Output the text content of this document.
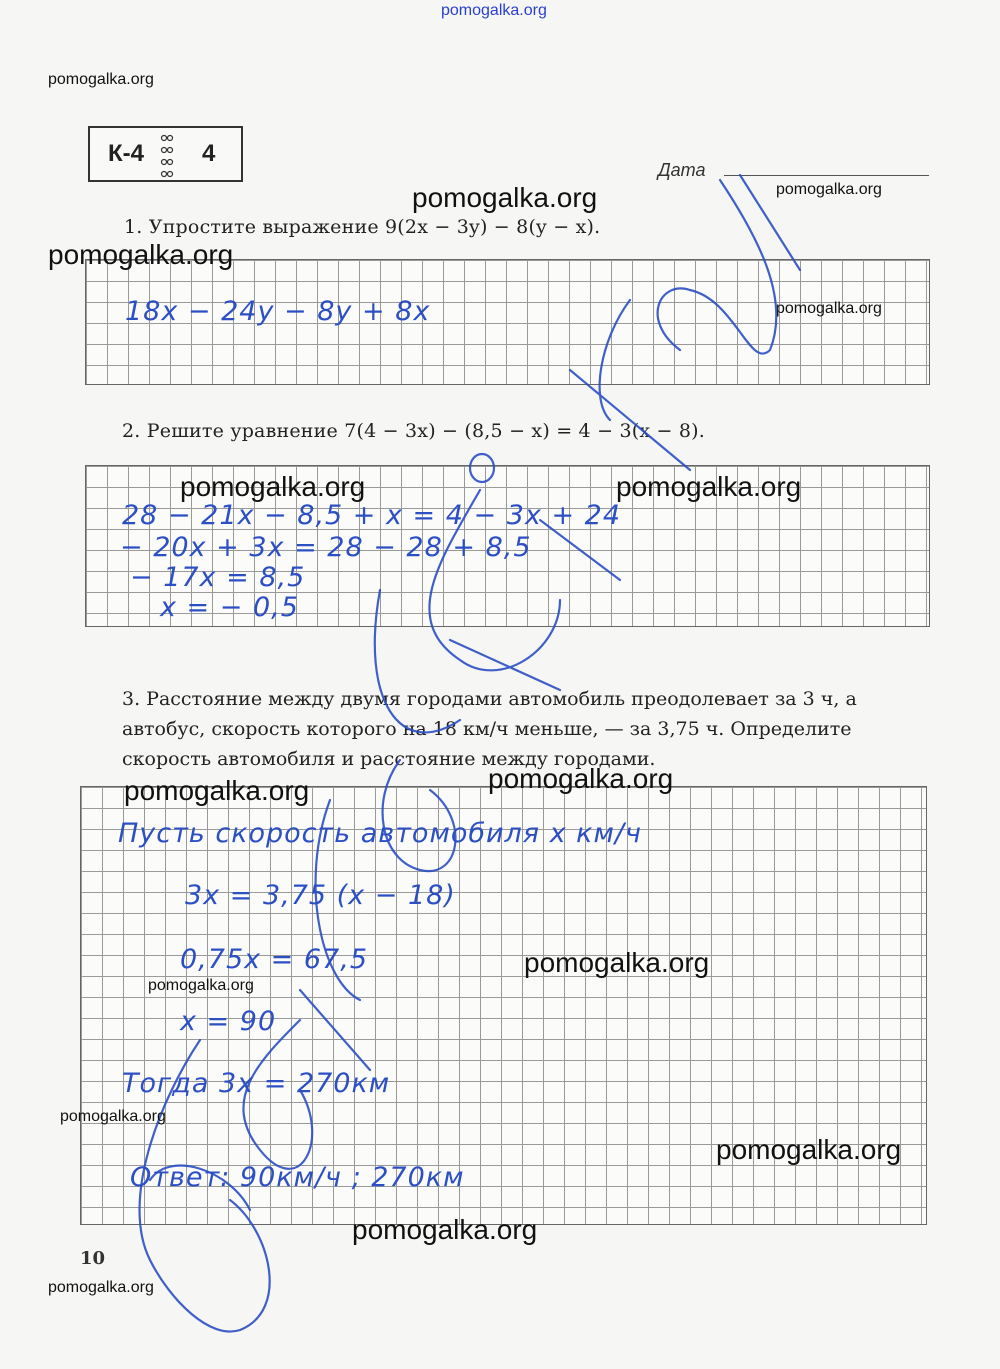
pomogalka.org
К-4 4
Дата
1. Упростите выражение 9(2x − 3y) − 8(y − x).
18x − 24y − 8y + 8x
2. Решите уравнение 7(4 − 3x) − (8,5 − x) = 4 − 3(x − 8).
28 − 21x − 8,5 + x = 4 − 3x + 24
− 20x + 3x = 28 − 28 + 8,5
− 17x = 8,5
x = − 0,5
3. Расстояние между двумя городами автомобиль преодолевает за 3 ч, а автобус, скорость которого на 18 км/ч меньше, — за 3,75 ч. Определите скорость автомобиля и расстояние между городами.
Пусть скорость автомобиля x км/ч
3x = 3,75 (x − 18)
0,75x = 67,5
x = 90
Тогда 3x = 270км
Ответ: 90км/ч ; 270км
10
pomogalka.org
pomogalka.org	pomogalka.org
pomogalka.org
pomogalka.org
pomogalka.org	pomogalka.org
pomogalka.org
pomogalka.org
pomogalka.org
pomogalka.org
pomogalka.org
pomogalka.org
pomogalka.org
pomogalka.org
